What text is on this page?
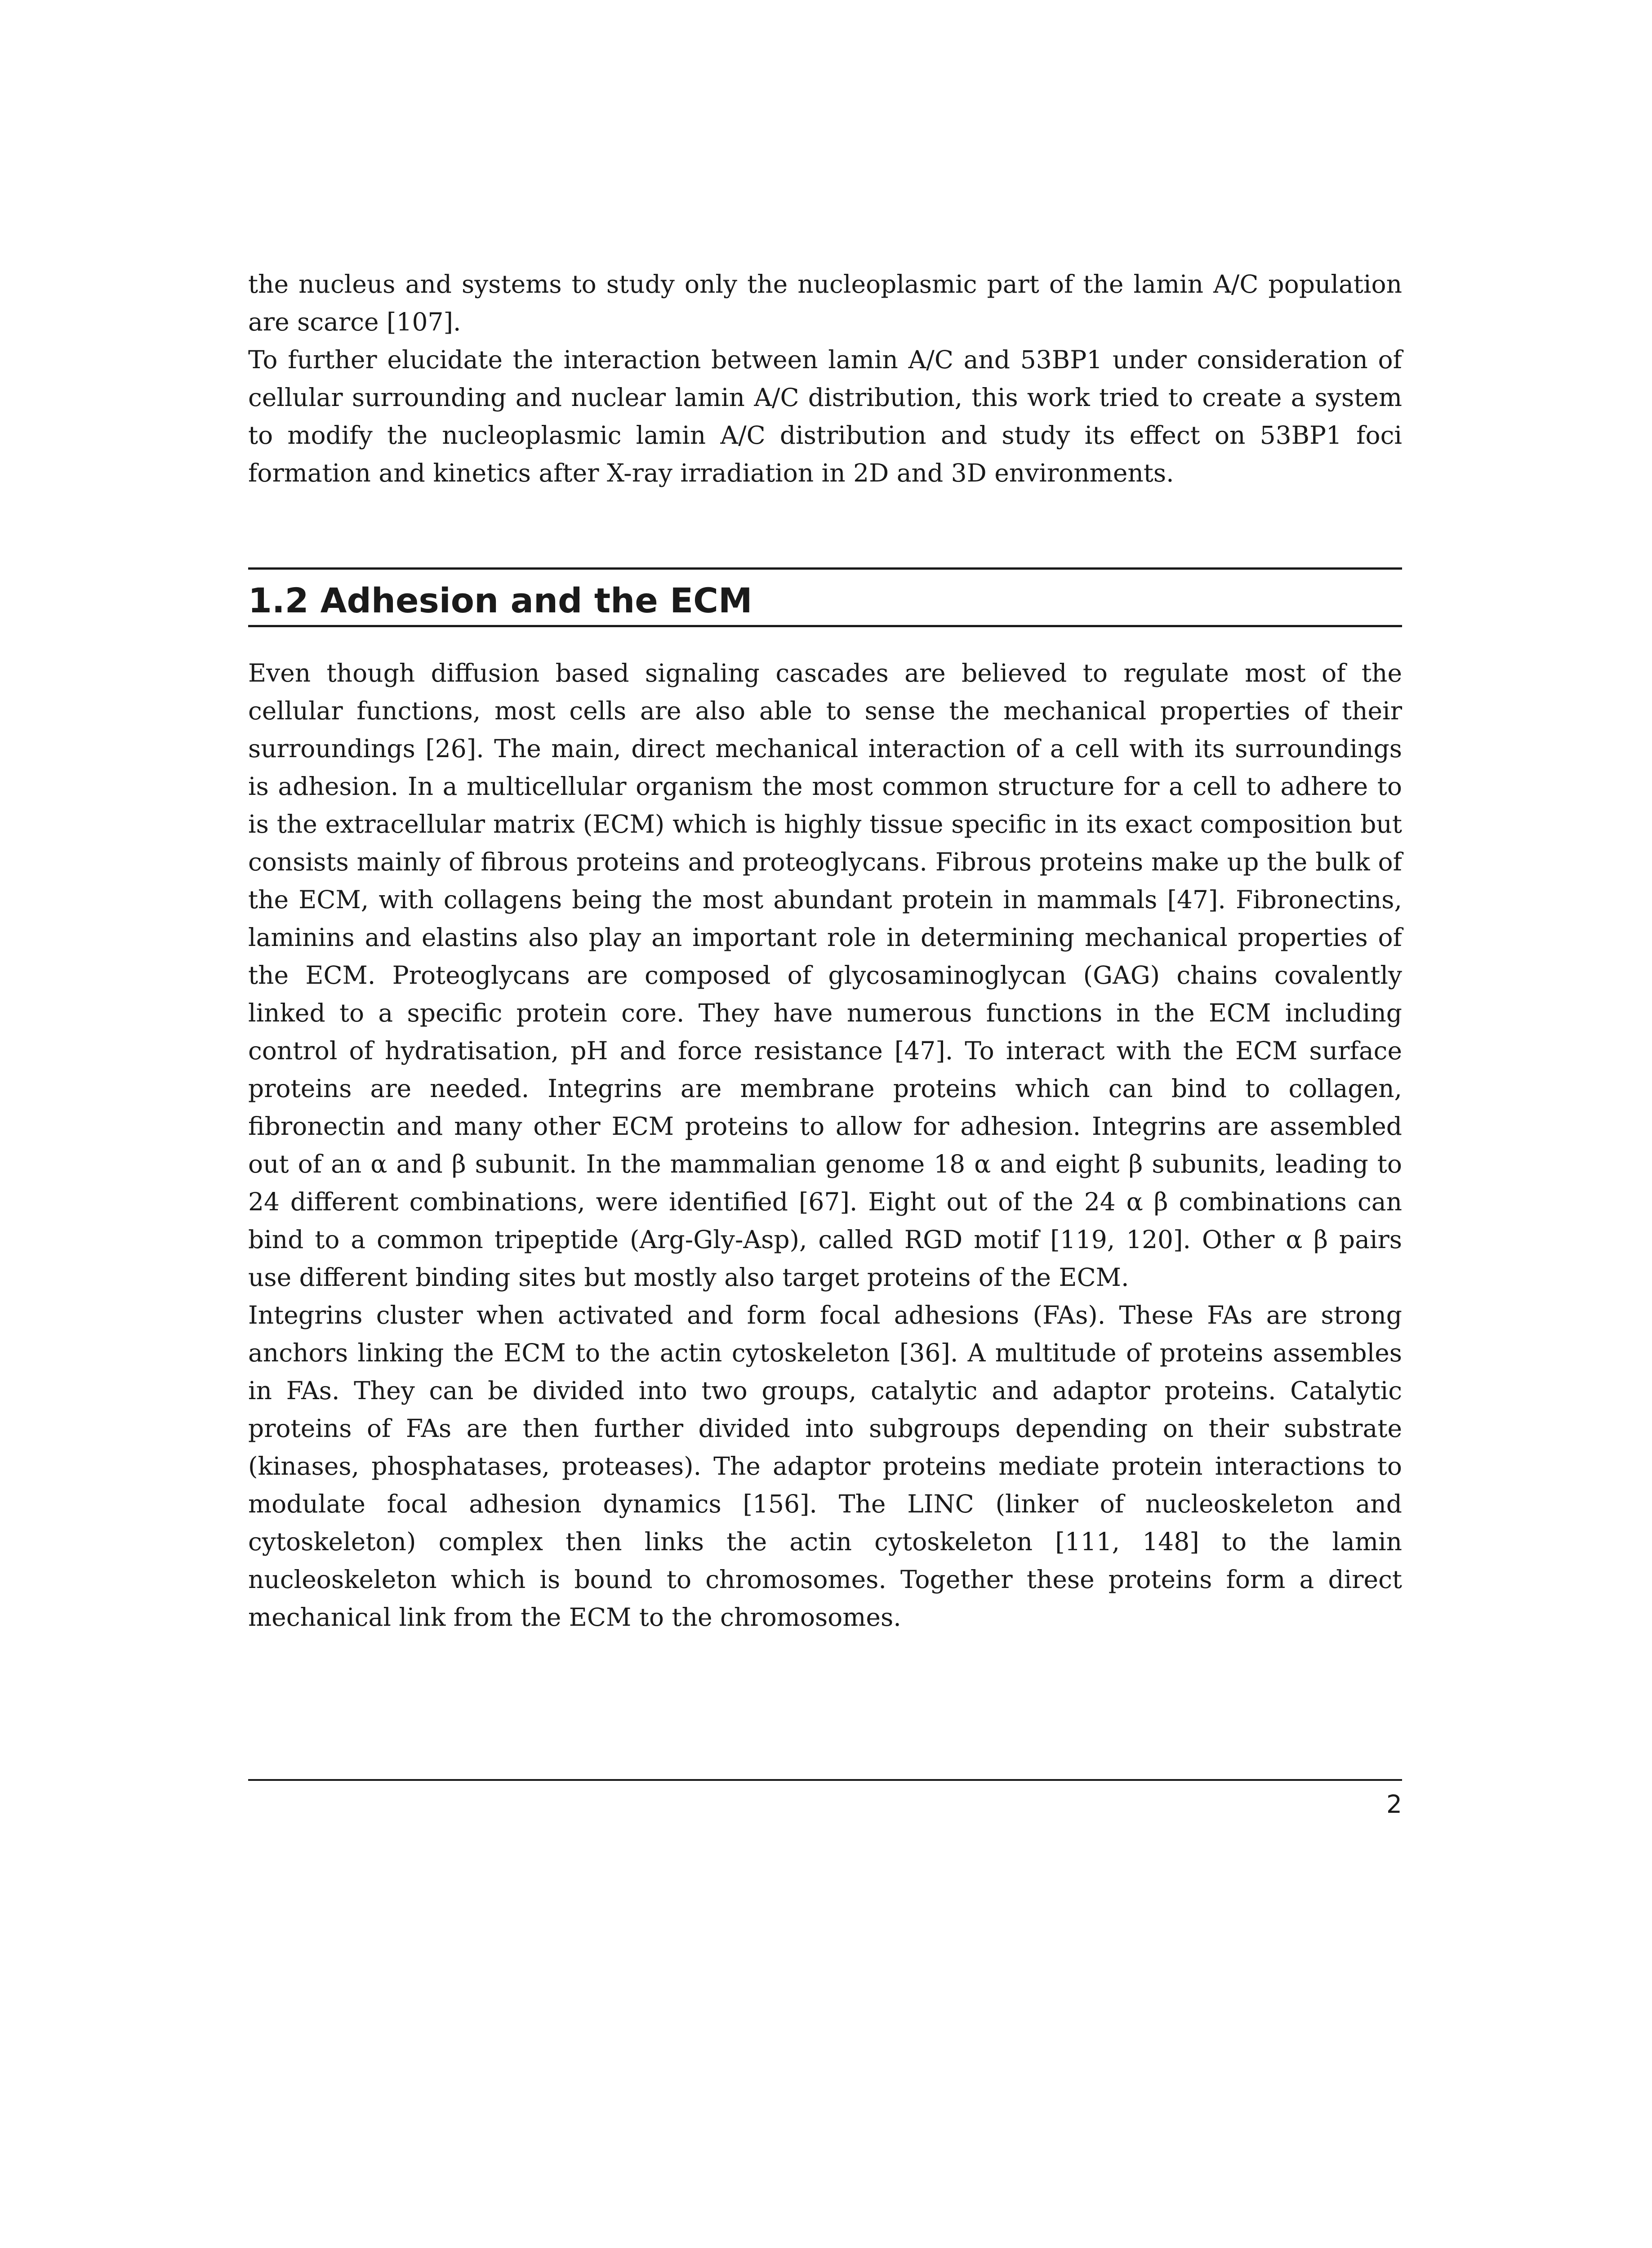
the nucleus and systems to study only the nucleoplasmic part of the lamin A/C population are scarce [107].

To further elucidate the interaction between lamin A/C and 53BP1 under consideration of cellular surrounding and nuclear lamin A/C distribution, this work tried to create a system to modify the nucleoplasmic lamin A/C distribution and study its effect on 53BP1 foci formation and kinetics after X-ray irradiation in 2D and 3D environments.

1.2 Adhesion and the ECM

Even though diffusion based signaling cascades are believed to regulate most of the cellular functions, most cells are also able to sense the mechanical properties of their surroundings [26]. The main, direct mechanical interaction of a cell with its surroundings is adhesion. In a multicellular organism the most common structure for a cell to adhere to is the extracellular matrix (ECM) which is highly tissue specific in its exact composition but consists mainly of fibrous proteins and proteoglycans. Fibrous proteins make up the bulk of the ECM, with collagens being the most abundant protein in mammals [47]. Fibronectins, laminins and elastins also play an important role in determining mechanical properties of the ECM. Proteoglycans are composed of glycosaminoglycan (GAG) chains covalently linked to a specific protein core. They have numerous functions in the ECM including control of hydratisation, pH and force resistance [47]. To interact with the ECM surface proteins are needed. Integrins are membrane proteins which can bind to collagen, fibronectin and many other ECM proteins to allow for adhesion. Integrins are assembled out of an α and β subunit. In the mammalian genome 18 α and eight β subunits, leading to 24 different combinations, were identified [67]. Eight out of the 24 α β combinations can bind to a common tripeptide (Arg-Gly-Asp), called RGD motif [119, 120]. Other α β pairs use different binding sites but mostly also target proteins of the ECM.

Integrins cluster when activated and form focal adhesions (FAs). These FAs are strong anchors linking the ECM to the actin cytoskeleton [36]. A multitude of proteins assembles in FAs. They can be divided into two groups, catalytic and adaptor proteins. Catalytic proteins of FAs are then further divided into subgroups depending on their substrate (kinases, phosphatases, proteases). The adaptor proteins mediate protein interactions to modulate focal adhesion dynamics [156]. The LINC (linker of nucleoskeleton and cytoskeleton) complex then links the actin cytoskeleton [111, 148] to the lamin nucleoskeleton which is bound to chromosomes. Together these proteins form a direct mechanical link from the ECM to the chromosomes.

2
